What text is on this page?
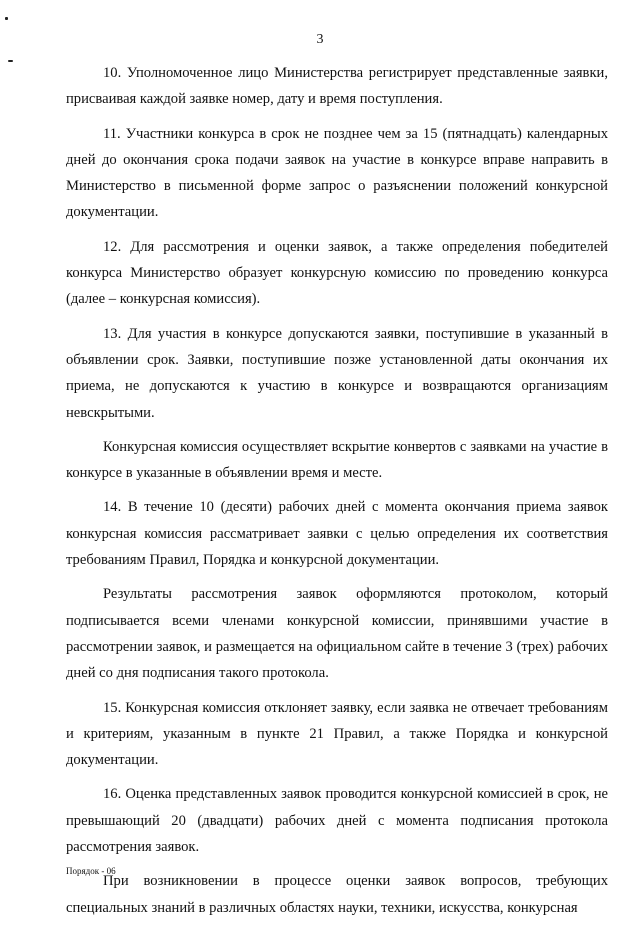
3

10. Уполномоченное лицо Министерства регистрирует представленные заявки, присваивая каждой заявке номер, дату и время поступления.

11. Участники конкурса в срок не позднее чем за 15 (пятнадцать) календарных дней до окончания срока подачи заявок на участие в конкурсе вправе направить в Министерство в письменной форме запрос о разъяснении положений конкурсной документации.

12. Для рассмотрения и оценки заявок, а также определения победителей конкурса Министерство образует конкурсную комиссию по проведению конкурса (далее – конкурсная комиссия).

13. Для участия в конкурсе допускаются заявки, поступившие в указанный в объявлении срок. Заявки, поступившие позже установленной даты окончания их приема, не допускаются к участию в конкурсе и возвращаются организациям невскрытыми.

Конкурсная комиссия осуществляет вскрытие конвертов с заявками на участие в конкурсе в указанные в объявлении время и месте.

14. В течение 10 (десяти) рабочих дней с момента окончания приема заявок конкурсная комиссия рассматривает заявки с целью определения их соответствия требованиям Правил, Порядка и конкурсной документации.

Результаты рассмотрения заявок оформляются протоколом, который подписывается всеми членами конкурсной комиссии, принявшими участие в рассмотрении заявок, и размещается на официальном сайте в течение 3 (трех) рабочих дней со дня подписания такого протокола.

15. Конкурсная комиссия отклоняет заявку, если заявка не отвечает требованиям и критериям, указанным в пункте 21 Правил, а также Порядка и конкурсной документации.

16. Оценка представленных заявок проводится конкурсной комиссией в срок, не превышающий 20 (двадцати) рабочих дней с момента подписания протокола рассмотрения заявок.

При возникновении в процессе оценки заявок вопросов, требующих специальных знаний в различных областях науки, техники, искусства, конкурсная

Порядок - 06
